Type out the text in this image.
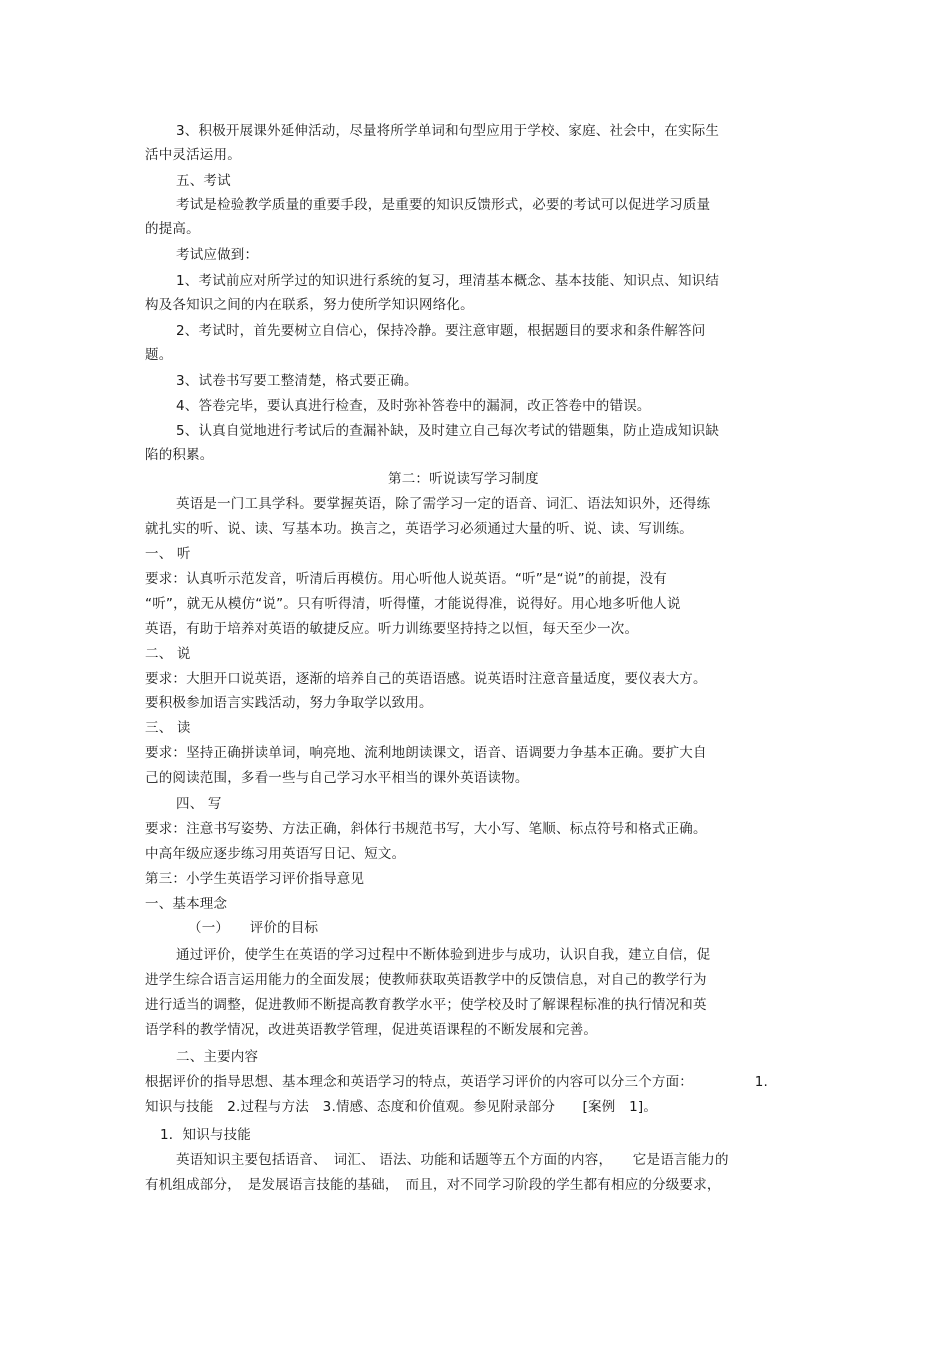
3、积极开展课外延伸活动，尽量将所学单词和句型应用于学校、家庭、社会中，在实际生
活中灵活运用。
五、考试
考试是检验教学质量的重要手段，是重要的知识反馈形式，必要的考试可以促进学习质量
的提高。
考试应做到：
1、考试前应对所学过的知识进行系统的复习，理清基本概念、基本技能、知识点、知识结
构及各知识之间的内在联系，努力使所学知识网络化。
2、考试时，首先要树立自信心，保持冷静。要注意审题，根据题目的要求和条件解答问
题。
3、试卷书写要工整清楚，格式要正确。
4、答卷完毕，要认真进行检查，及时弥补答卷中的漏洞，改正答卷中的错误。
5、认真自觉地进行考试后的查漏补缺，及时建立自己每次考试的错题集，防止造成知识缺
陷的积累。
第二：听说读写学习制度
英语是一门工具学科。要掌握英语，除了需学习一定的语音、词汇、语法知识外，还得练
就扎实的听、说、读、写基本功。换言之，英语学习必须通过大量的听、说、读、写训练。
一、 听
要求：认真听示范发音，听清后再模仿。用心听他人说英语。“听”是“说”的前提，没有
“听”，就无从模仿“说”。只有听得清，听得懂，才能说得准，说得好。用心地多听他人说
英语，有助于培养对英语的敏捷反应。听力训练要坚持持之以恒，每天至少一次。
二、 说
要求：大胆开口说英语，逐渐的培养自己的英语语感。说英语时注意音量适度，要仪表大方。
要积极参加语言实践活动，努力争取学以致用。
三、 读
要求：坚持正确拼读单词，响亮地、流利地朗读课文，语音、语调要力争基本正确。要扩大自
己的阅读范围，多看一些与自己学习水平相当的课外英语读物。
四、 写
要求：注意书写姿势、方法正确，斜体行书规范书写，大小写、笔顺、标点符号和格式正确。
中高年级应逐步练习用英语写日记、短文。
第三：小学生英语学习评价指导意见
一、基本理念
（一）　　评价的目标
通过评价，使学生在英语的学习过程中不断体验到进步与成功，认识自我，建立自信，促
进学生综合语言运用能力的全面发展；使教师获取英语教学中的反馈信息，对自己的教学行为
进行适当的调整，促进教师不断提高教育教学水平；使学校及时了解课程标准的执行情况和英
语学科的教学情况，改进英语教学管理，促进英语课程的不断发展和完善。
二、主要内容
根据评价的指导思想、基本理念和英语学习的特点，英语学习评价的内容可以分三个方面：　　　　　1.
知识与技能　2.过程与方法　3.情感、态度和价值观。参见附录部分　　[案例　1]。
1．知识与技能
英语知识主要包括语音、　词汇、 语法、功能和话题等五个方面的内容，　　它是语言能力的
有机组成部分，　是发展语言技能的基础，　而且，对不同学习阶段的学生都有相应的分级要求，
